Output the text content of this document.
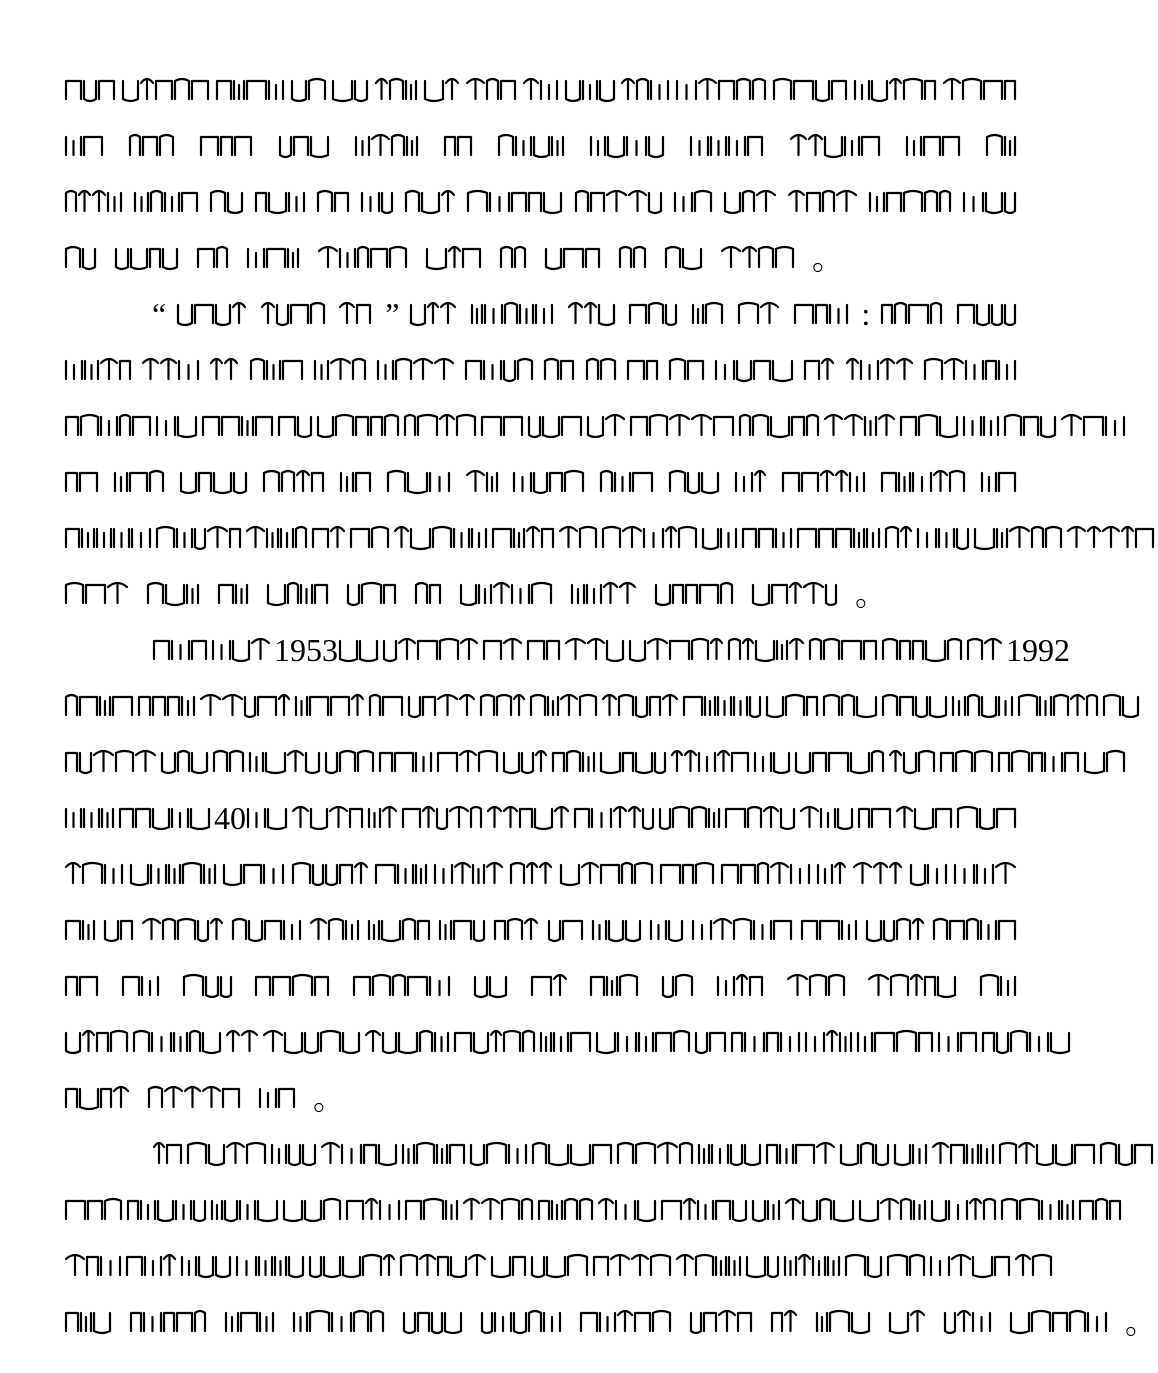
。
“	”	:
。
1953	1992
40
。
。
